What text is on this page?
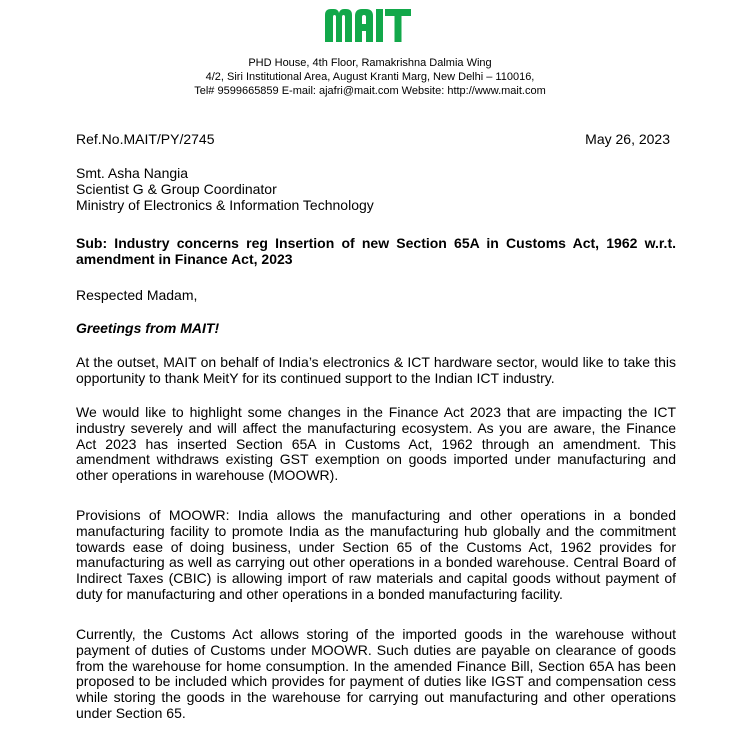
PHD House, 4th Floor, Ramakrishna Dalmia Wing
4/2, Siri Institutional Area, August Kranti Marg, New Delhi – 110016,
Tel# 9599665859 E-mail: ajafri@mait.com Website: http://www.mait.com
Ref.No.MAIT/PY/2745	May 26, 2023
Smt. Asha Nangia
Scientist G & Group Coordinator
Ministry of Electronics & Information Technology
Sub: Industry concerns reg Insertion of new Section 65A in Customs Act, 1962 w.r.t. amendment in Finance Act, 2023
Respected Madam,
Greetings from MAIT!
At the outset, MAIT on behalf of India’s electronics & ICT hardware sector, would like to take this opportunity to thank MeitY for its continued support to the Indian ICT industry.
We would like to highlight some changes in the Finance Act 2023 that are impacting the ICT industry severely and will affect the manufacturing ecosystem. As you are aware, the Finance Act 2023 has inserted Section 65A in Customs Act, 1962 through an amendment. This amendment withdraws existing GST exemption on goods imported under manufacturing and other operations in warehouse (MOOWR).
Provisions of MOOWR: India allows the manufacturing and other operations in a bonded manufacturing facility to promote India as the manufacturing hub globally and the commitment towards ease of doing business, under Section 65 of the Customs Act, 1962 provides for manufacturing as well as carrying out other operations in a bonded warehouse. Central Board of Indirect Taxes (CBIC) is allowing import of raw materials and capital goods without payment of duty for manufacturing and other operations in a bonded manufacturing facility.
Currently, the Customs Act allows storing of the imported goods in the warehouse without payment of duties of Customs under MOOWR. Such duties are payable on clearance of goods from the warehouse for home consumption. In the amended Finance Bill, Section 65A has been proposed to be included which provides for payment of duties like IGST and compensation cess while storing the goods in the warehouse for carrying out manufacturing and other operations under Section 65.
